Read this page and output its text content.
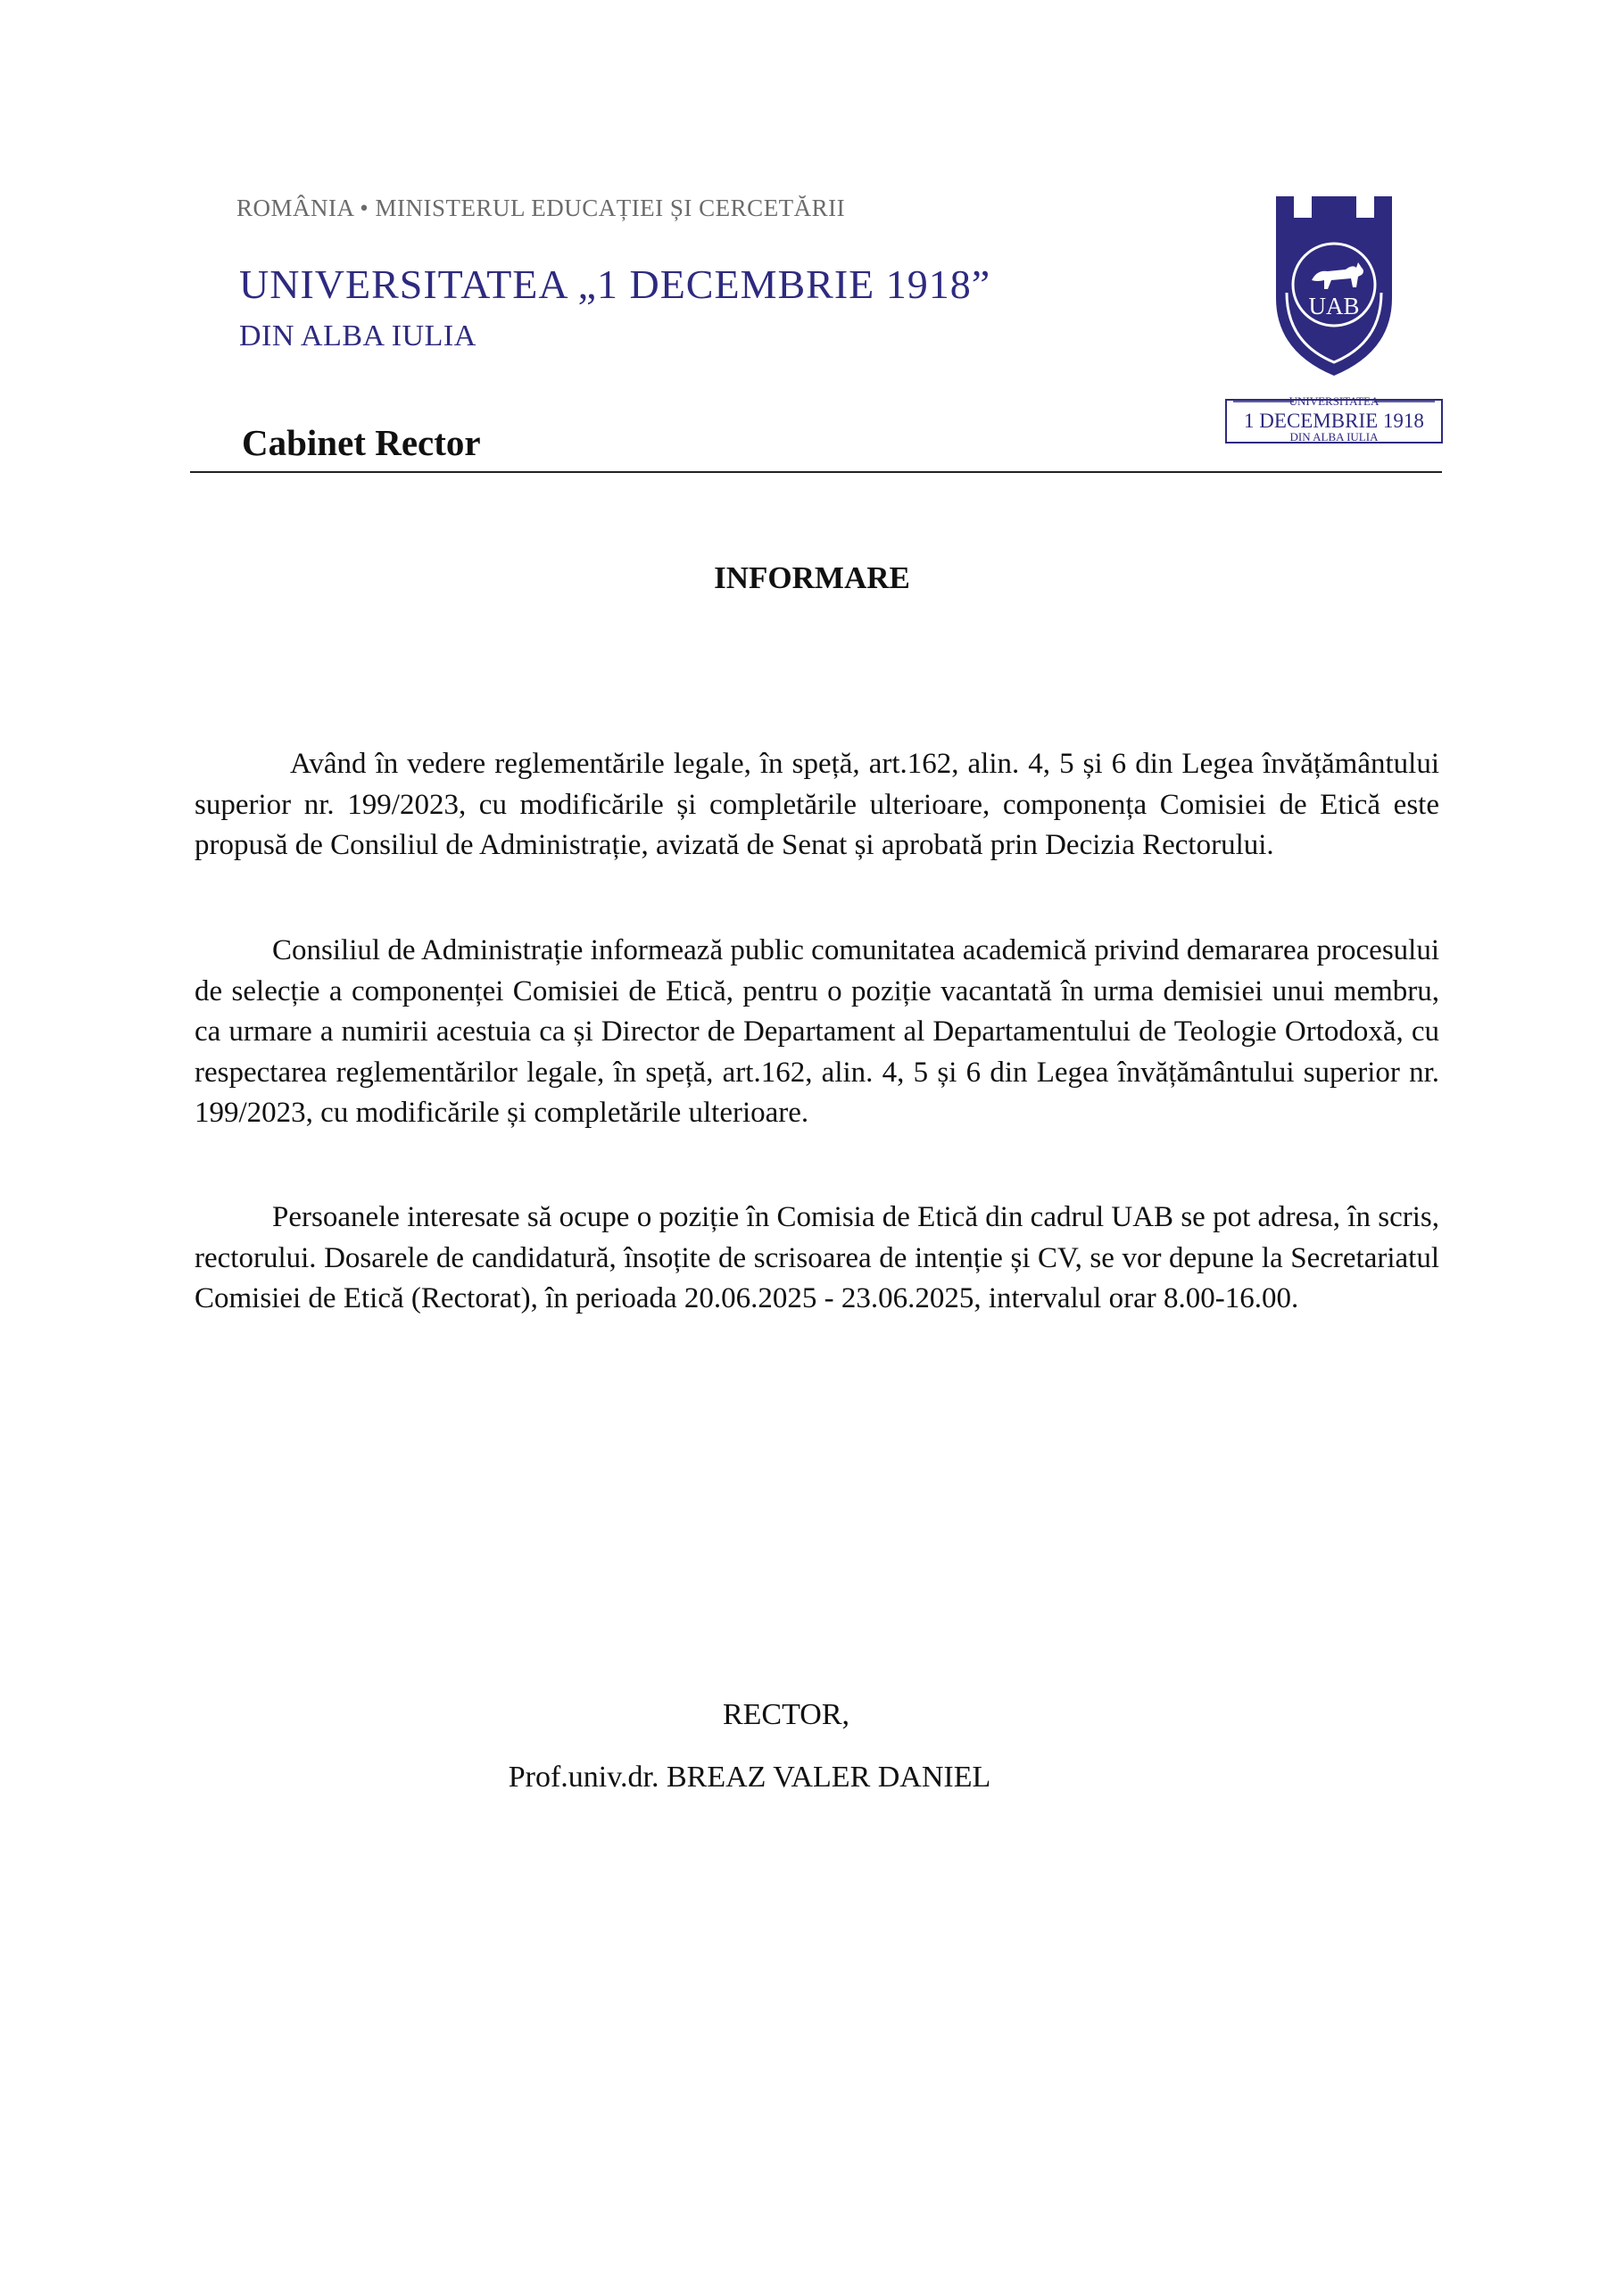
ROMÂNIA • MINISTERUL EDUCAȚIEI ȘI CERCETĂRII
UNIVERSITATEA „1 DECEMBRIE 1918”
DIN ALBA IULIA
Cabinet Rector
UAB
UNIVERSITATEA
1 DECEMBRIE 1918
DIN ALBA IULIA
INFORMARE

Având în vedere reglementările legale, în speță, art.162, alin. 4, 5 și 6 din Legea învățământului superior nr. 199/2023, cu modificările și completările ulterioare, componența Comisiei de Etică este propusă de Consiliul de Administrație, avizată de Senat și aprobată prin Decizia Rectorului.

Consiliul de Administrație informează public comunitatea academică privind demararea procesului de selecție a componenței Comisiei de Etică, pentru o poziție vacantată în urma demisiei unui membru, ca urmare a numirii acestuia ca și Director de Departament al Departamentului de Teologie Ortodoxă, cu respectarea reglementărilor legale, în speță, art.162, alin. 4, 5 și 6 din Legea învățământului superior nr. 199/2023, cu modificările și completările ulterioare.

Persoanele interesate să ocupe o poziție în Comisia de Etică din cadrul UAB se pot adresa, în scris, rectorului. Dosarele de candidatură, însoțite de scrisoarea de intenție și CV, se vor depune la Secretariatul Comisiei de Etică (Rectorat), în perioada 20.06.2025 - 23.06.2025, intervalul orar 8.00-16.00.

RECTOR,
Prof.univ.dr. BREAZ VALER DANIEL
